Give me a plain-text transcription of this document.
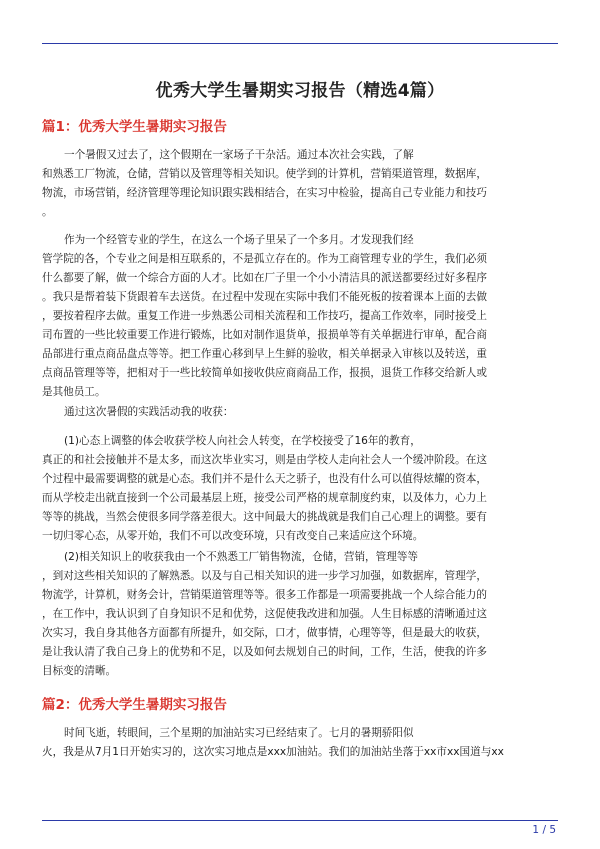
优秀大学生暑期实习报告（精选4篇）
篇1：优秀大学生暑期实习报告
一个暑假又过去了，这个假期在一家场子干杂活。通过本次社会实践，了解
和熟悉工厂物流，仓储，营销以及管理等相关知识。使学到的计算机，营销渠道管理，数据库，
物流，市场营销，经济管理等理论知识跟实践相结合，在实习中检验，提高自己专业能力和技巧
。
作为一个经管专业的学生，在这么一个场子里呆了一个多月。才发现我们经
管学院的各，个专业之间是相互联系的，不是孤立存在的。作为工商管理专业的学生，我们必须
什么都要了解，做一个综合方面的人才。比如在厂子里一个小小清洁具的派送都要经过好多程序
。我只是帮着装下货跟着车去送货。在过程中发现在实际中我们不能死板的按着课本上面的去做
，要按着程序去做。重复工作进一步熟悉公司相关流程和工作技巧，提高工作效率，同时接受上
司布置的一些比较重要工作进行锻炼，比如对制作退货单，报损单等有关单据进行审单，配合商
品部进行重点商品盘点等等。把工作重心移到早上生鲜的验收，相关单据录入审核以及转送，重
点商品管理等等，把相对于一些比较简单如接收供应商商品工作，报损，退货工作移交给新人或
是其他员工。
通过这次暑假的实践活动我的收获：
(1)心态上调整的体会收获学校人向社会人转变，在学校接受了16年的教育，
真正的和社会接触并不是太多，而这次毕业实习，则是由学校人走向社会人一个缓冲阶段。在这
个过程中最需要调整的就是心态。我们并不是什么天之骄子，也没有什么可以值得炫耀的资本，
而从学校走出就直接到一个公司最基层上班，接受公司严格的规章制度约束，以及体力，心力上
等等的挑战，当然会使很多同学落差很大。这中间最大的挑战就是我们自己心理上的调整。要有
一切归零心态，从零开始，我们不可以改变环境，只有改变自己来适应这个环境。
(2)相关知识上的收获我由一个不熟悉工厂销售物流，仓储，营销，管理等等
，到对这些相关知识的了解熟悉。以及与自己相关知识的进一步学习加强，如数据库，管理学，
物流学，计算机，财务会计，营销渠道管理等等。很多工作都是一项需要挑战一个人综合能力的
，在工作中，我认识到了自身知识不足和优势，这促使我改进和加强。人生目标感的清晰通过这
次实习，我自身其他各方面都有所提升，如交际，口才，做事情，心理等等，但是最大的收获，
是让我认清了我自己身上的优势和不足，以及如何去规划自己的时间，工作，生活，使我的许多
目标变的清晰。
篇2：优秀大学生暑期实习报告
时间飞逝，转眼间，三个星期的加油站实习已经结束了。七月的暑期骄阳似
火，我是从7月1日开始实习的，这次实习地点是xxx加油站。我们的加油站坐落于xx市xx国道与xx
1 / 5
